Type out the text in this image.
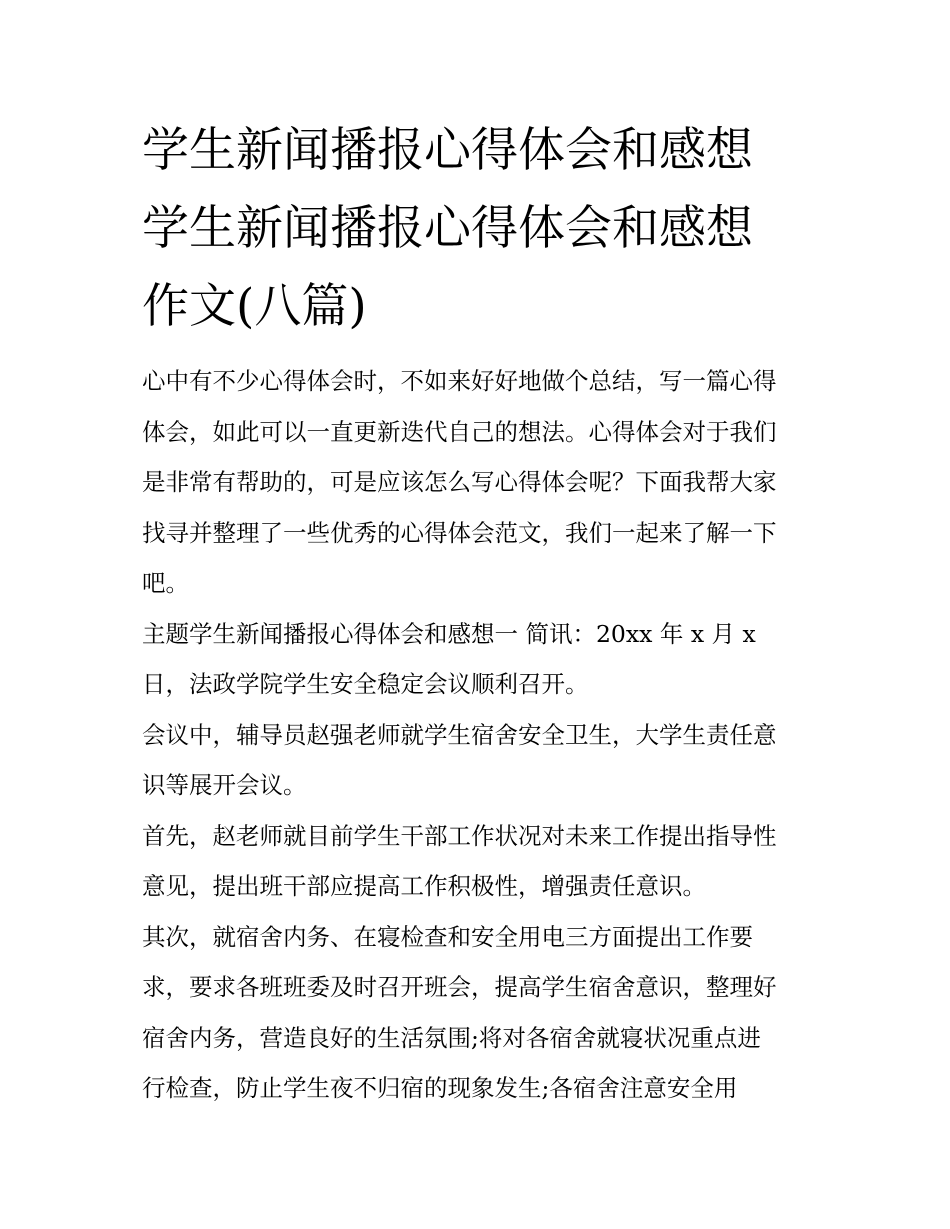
学生新闻播报心得体会和感想
学生新闻播报心得体会和感想
作文(八篇)
心中有不少心得体会时，不如来好好地做个总结，写一篇心得
体会，如此可以一直更新迭代自己的想法。心得体会对于我们
是非常有帮助的，可是应该怎么写心得体会呢？下面我帮大家
找寻并整理了一些优秀的心得体会范文，我们一起来了解一下
吧。
主题学生新闻播报心得体会和感想一 简讯：20xx 年 x 月 x
日，法政学院学生安全稳定会议顺利召开。
会议中，辅导员赵强老师就学生宿舍安全卫生，大学生责任意
识等展开会议。
首先，赵老师就目前学生干部工作状况对未来工作提出指导性
意见，提出班干部应提高工作积极性，增强责任意识。
其次，就宿舍内务、在寝检查和安全用电三方面提出工作要
求，要求各班班委及时召开班会，提高学生宿舍意识，整理好
宿舍内务，营造良好的生活氛围;将对各宿舍就寝状况重点进
行检查，防止学生夜不归宿的现象发生;各宿舍注意安全用
